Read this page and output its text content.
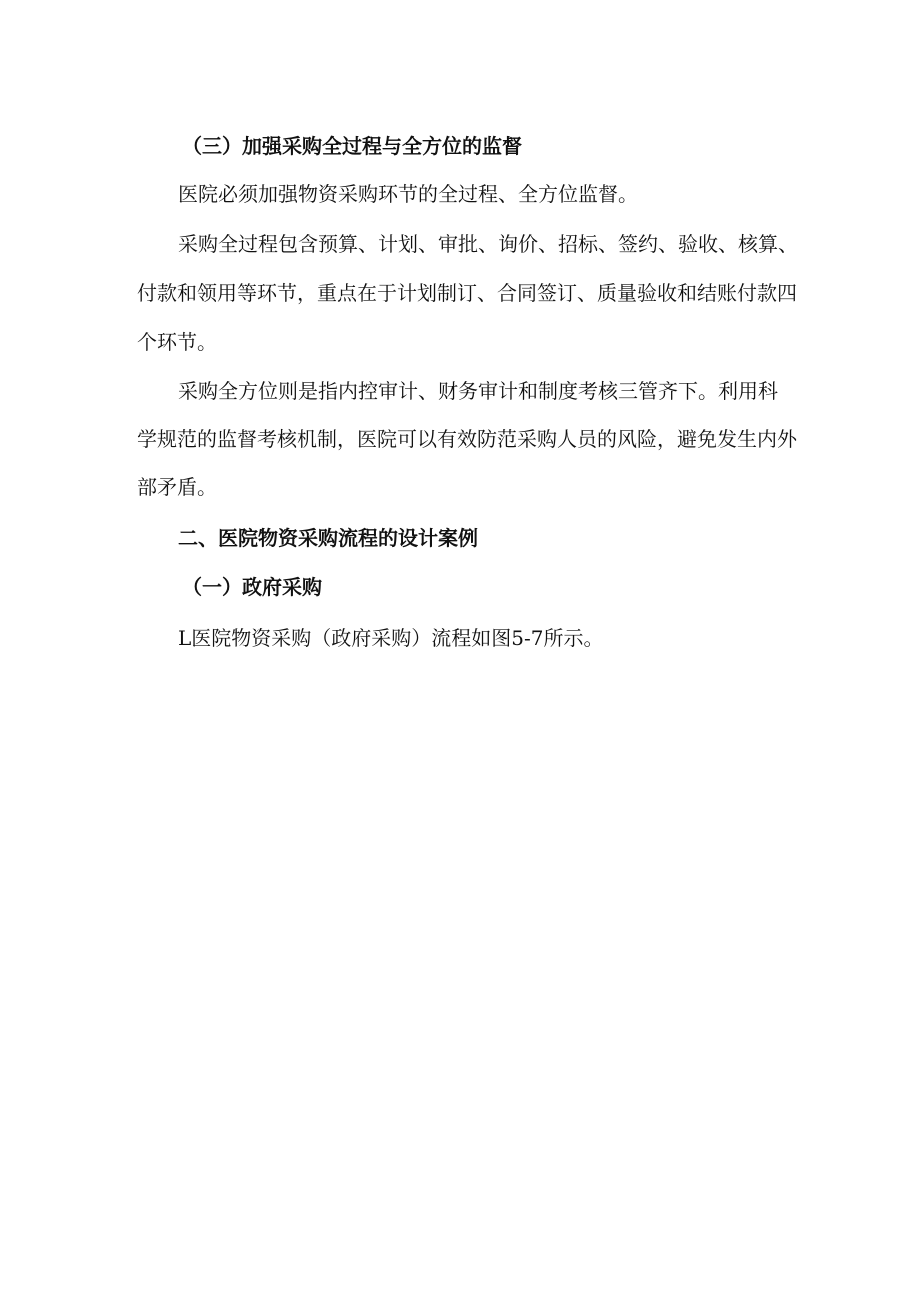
（三）加强采购全过程与全方位的监督
医院必须加强物资采购环节的全过程、全方位监督。
采购全过程包含预算、计划、审批、询价、招标、签约、验收、核算、
付款和领用等环节，重点在于计划制订、合同签订、质量验收和结账付款四
个环节。
采购全方位则是指内控审计、财务审计和制度考核三管齐下。利用科
学规范的监督考核机制，医院可以有效防范采购人员的风险，避免发生内外
部矛盾。
二、医院物资采购流程的设计案例
（一）政府采购
L医院物资采购（政府采购）流程如图5-7所示。
